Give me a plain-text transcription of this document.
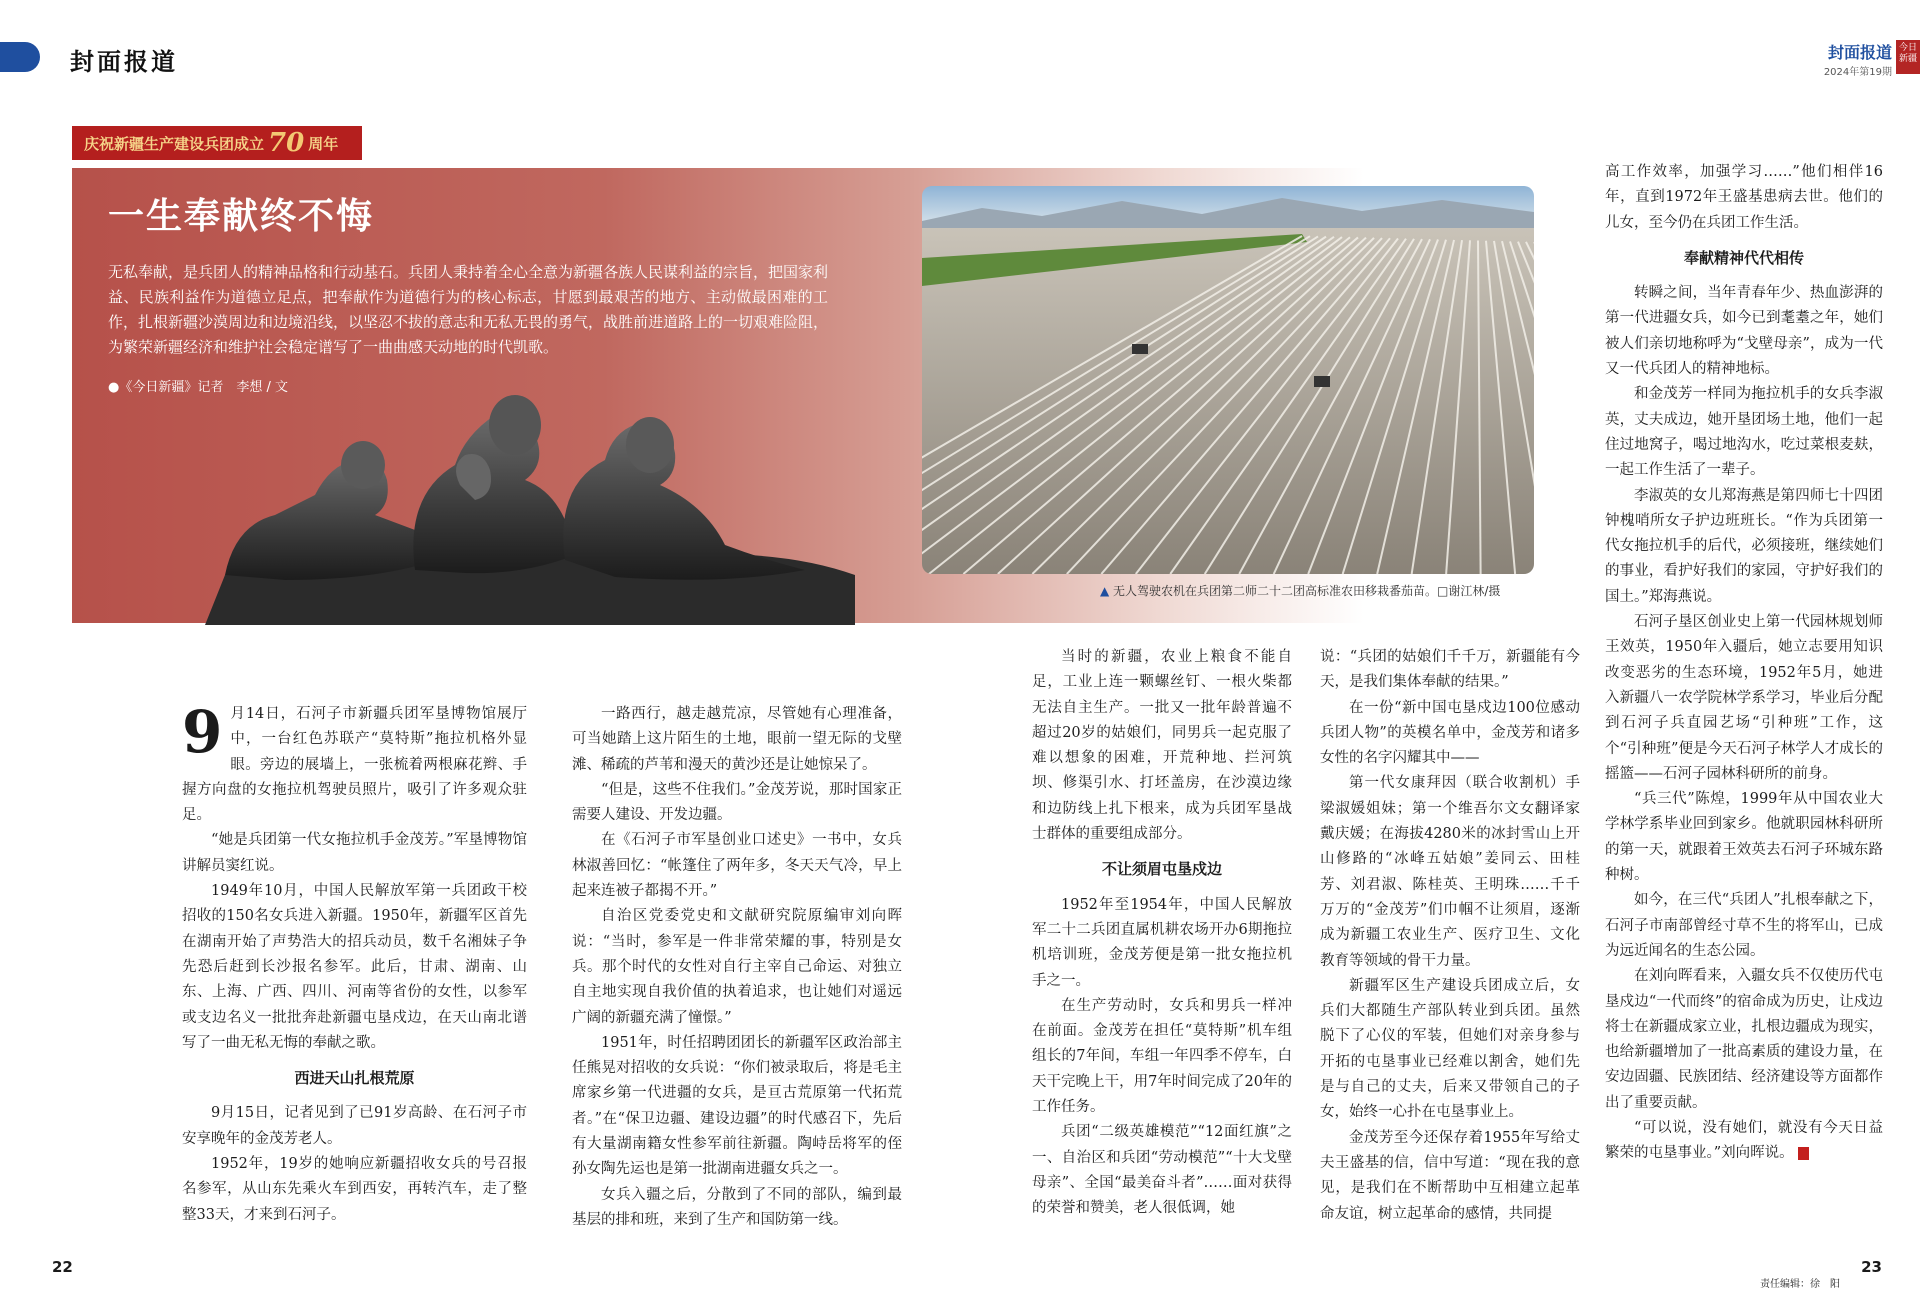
封面报道	封面报道
2024年第19期
今日新疆
庆祝新疆生产建设兵团成立 70 周年
一生奉献终不悔
无私奉献，是兵团人的精神品格和行动基石。兵团人秉持着全心全意为新疆各族人民谋利益的宗旨，把国家利益、民族利益作为道德立足点，把奉献作为道德行为的核心标志，甘愿到最艰苦的地方、主动做最困难的工作，扎根新疆沙漠周边和边境沿线，以坚忍不拔的意志和无私无畏的勇气，战胜前进道路上的一切艰难险阻，为繁荣新疆经济和维护社会稳定谱写了一曲曲感天动地的时代凯歌。
●《今日新疆》记者　李想 / 文
▲ 无人驾驶农机在兵团第二师二十二团高标准农田移栽番茄苗。□谢江林/摄

9 月14日，石河子市新疆兵团军垦博物馆展厅中，一台红色苏联产“莫特斯”拖拉机格外显眼。旁边的展墙上，一张梳着两根麻花辫、手握方向盘的女拖拉机驾驶员照片，吸引了许多观众驻足。

“她是兵团第一代女拖拉机手金茂芳。”军垦博物馆讲解员窦红说。

1949年10月，中国人民解放军第一兵团政干校招收的150名女兵进入新疆。1950年，新疆军区首先在湖南开始了声势浩大的招兵动员，数千名湘妹子争先恐后赶到长沙报名参军。此后，甘肃、湖南、山东、上海、广西、四川、河南等省份的女性，以参军或支边名义一批批奔赴新疆屯垦戍边，在天山南北谱写了一曲无私无悔的奉献之歌。

西进天山扎根荒原

9月15日，记者见到了已91岁高龄、在石河子市安享晚年的金茂芳老人。

1952年，19岁的她响应新疆招收女兵的号召报名参军，从山东先乘火车到西安，再转汽车，走了整整33天，才来到石河子。

一路西行，越走越荒凉，尽管她有心理准备，可当她踏上这片陌生的土地，眼前一望无际的戈壁滩、稀疏的芦苇和漫天的黄沙还是让她惊呆了。

“但是，这些不住我们。”金茂芳说，那时国家正需要人建设、开发边疆。

在《石河子市军垦创业口述史》一书中，女兵林淑善回忆：“帐篷住了两年多，冬天天气冷，早上起来连被子都揭不开。”

自治区党委党史和文献研究院原编审刘向晖说：“当时，参军是一件非常荣耀的事，特别是女兵。那个时代的女性对自行主宰自己命运、对独立自主地实现自我价值的执着追求，也让她们对遥远广阔的新疆充满了憧憬。”

1951年，时任招聘团团长的新疆军区政治部主任熊晃对招收的女兵说：“你们被录取后，将是毛主席家乡第一代进疆的女兵，是亘古荒原第一代拓荒者。”在“保卫边疆、建设边疆”的时代感召下，先后有大量湖南籍女性参军前往新疆。陶峙岳将军的侄孙女陶先运也是第一批湖南进疆女兵之一。

女兵入疆之后，分散到了不同的部队，编到最基层的排和班，来到了生产和国防第一线。

当时的新疆，农业上粮食不能自足，工业上连一颗螺丝钉、一根火柴都无法自主生产。一批又一批年龄普遍不超过20岁的姑娘们，同男兵一起克服了难以想象的困难，开荒种地、拦河筑坝、修渠引水、打坯盖房，在沙漠边缘和边防线上扎下根来，成为兵团军垦战士群体的重要组成部分。

不让须眉屯垦戍边

1952年至1954年，中国人民解放军二十二兵团直属机耕农场开办6期拖拉机培训班，金茂芳便是第一批女拖拉机手之一。

在生产劳动时，女兵和男兵一样冲在前面。金茂芳在担任“莫特斯”机车组组长的7年间，车组一年四季不停车，白天干完晚上干，用7年时间完成了20年的工作任务。

兵团“二级英雄模范”“12面红旗”之一、自治区和兵团“劳动模范”“十大戈壁母亲”、全国“最美奋斗者”……面对获得的荣誉和赞美，老人很低调，她

说：“兵团的姑娘们千千万，新疆能有今天，是我们集体奉献的结果。”

在一份“新中国屯垦戍边100位感动兵团人物”的英模名单中，金茂芳和诸多女性的名字闪耀其中——

第一代女康拜因（联合收割机）手梁淑媛姐妹；第一个维吾尔文女翻译家戴庆媛；在海拔4280米的冰封雪山上开山修路的“冰峰五姑娘”姜同云、田桂芳、刘君淑、陈桂英、王明珠……千千万万的“金茂芳”们巾帼不让须眉，逐渐成为新疆工农业生产、医疗卫生、文化教育等领域的骨干力量。

新疆军区生产建设兵团成立后，女兵们大都随生产部队转业到兵团。虽然脱下了心仪的军装，但她们对亲身参与开拓的屯垦事业已经难以割舍，她们先是与自己的丈夫，后来又带领自己的子女，始终一心扑在屯垦事业上。

金茂芳至今还保存着1955年写给丈夫王盛基的信，信中写道：“现在我的意见，是我们在不断帮助中互相建立起革命友谊，树立起革命的感情，共同提

高工作效率，加强学习……”他们相伴16年，直到1972年王盛基患病去世。他们的儿女，至今仍在兵团工作生活。

奉献精神代代相传

转瞬之间，当年青春年少、热血澎湃的第一代进疆女兵，如今已到耄耋之年，她们被人们亲切地称呼为“戈壁母亲”，成为一代又一代兵团人的精神地标。

和金茂芳一样同为拖拉机手的女兵李淑英，丈夫成边，她开垦团场土地，他们一起住过地窝子，喝过地沟水，吃过菜根麦麸，一起工作生活了一辈子。

李淑英的女儿郑海燕是第四师七十四团钟槐哨所女子护边班班长。“作为兵团第一代女拖拉机手的后代，必须接班，继续她们的事业，看护好我们的家园，守护好我们的国土。”郑海燕说。

石河子垦区创业史上第一代园林规划师王效英，1950年入疆后，她立志要用知识改变恶劣的生态环境，1952年5月，她进入新疆八一农学院林学系学习，毕业后分配到石河子兵直园艺场“引种班”工作，这个“引种班”便是今天石河子林学人才成长的摇篮——石河子园林科研所的前身。

“兵三代”陈煌，1999年从中国农业大学林学系毕业回到家乡。他就职园林科研所的第一天，就跟着王效英去石河子环城东路种树。

如今，在三代“兵团人”扎根奉献之下，石河子市南部曾经寸草不生的将军山，已成为远近闻名的生态公园。

在刘向晖看来，入疆女兵不仅使历代屯垦戍边“一代而终”的宿命成为历史，让戍边将士在新疆成家立业，扎根边疆成为现实，也给新疆增加了一批高素质的建设力量，在安边固疆、民族团结、经济建设等方面都作出了重要贡献。

“可以说，没有她们，就没有今天日益繁荣的屯垦事业。”刘向晖说。

22	23
责任编辑：徐　阳
